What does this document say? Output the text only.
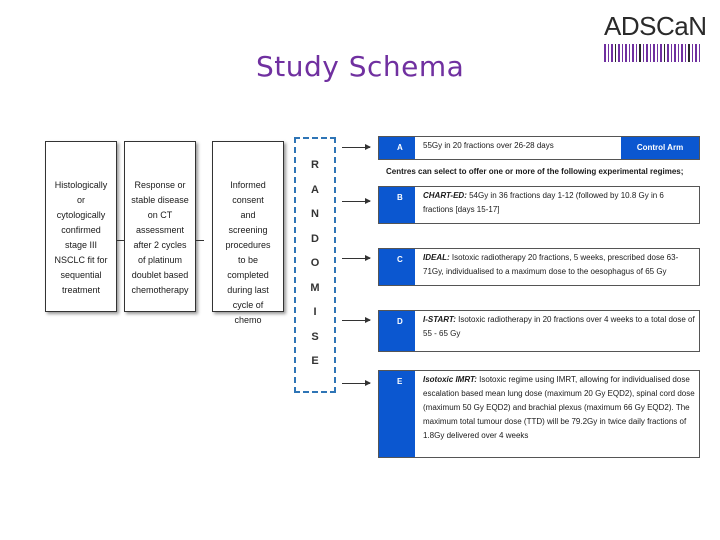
Study Schema
ADSCaN
Histologically
or
cytologically
confirmed
stage III
NSCLC fit for
sequential
treatment
Response or
stable disease
on CT
assessment
after 2 cycles
of platinum
doublet based
chemotherapy
Informed
consent
and
screening
procedures
to be
completed
during last
cycle of
chemo
R
A
N
D
O
M
I
S
E
Centres can select to offer one or more of the following experimental regimes;
A	55Gy in 20 fractions over 26-28 days	Control Arm
B	CHART-ED: 54Gy in 36 fractions day 1-12 (followed by 10.8 Gy in 6 fractions [days 15-17]
C	IDEAL: Isotoxic radiotherapy 20 fractions, 5 weeks, prescribed dose 63-71Gy, individualised to a maximum dose to the oesophagus of 65 Gy
D	I-START: Isotoxic radiotherapy in 20 fractions over 4 weeks to a total dose of 55 - 65 Gy
E	Isotoxic IMRT: Isotoxic regime using IMRT, allowing for individualised dose escalation based mean lung dose (maximum 20 Gy EQD2), spinal cord dose (maximum 50 Gy EQD2) and brachial plexus (maximum 66 Gy EQD2). The maximum total tumour dose (TTD) will be 79.2Gy in twice daily fractions of 1.8Gy delivered over 4 weeks
